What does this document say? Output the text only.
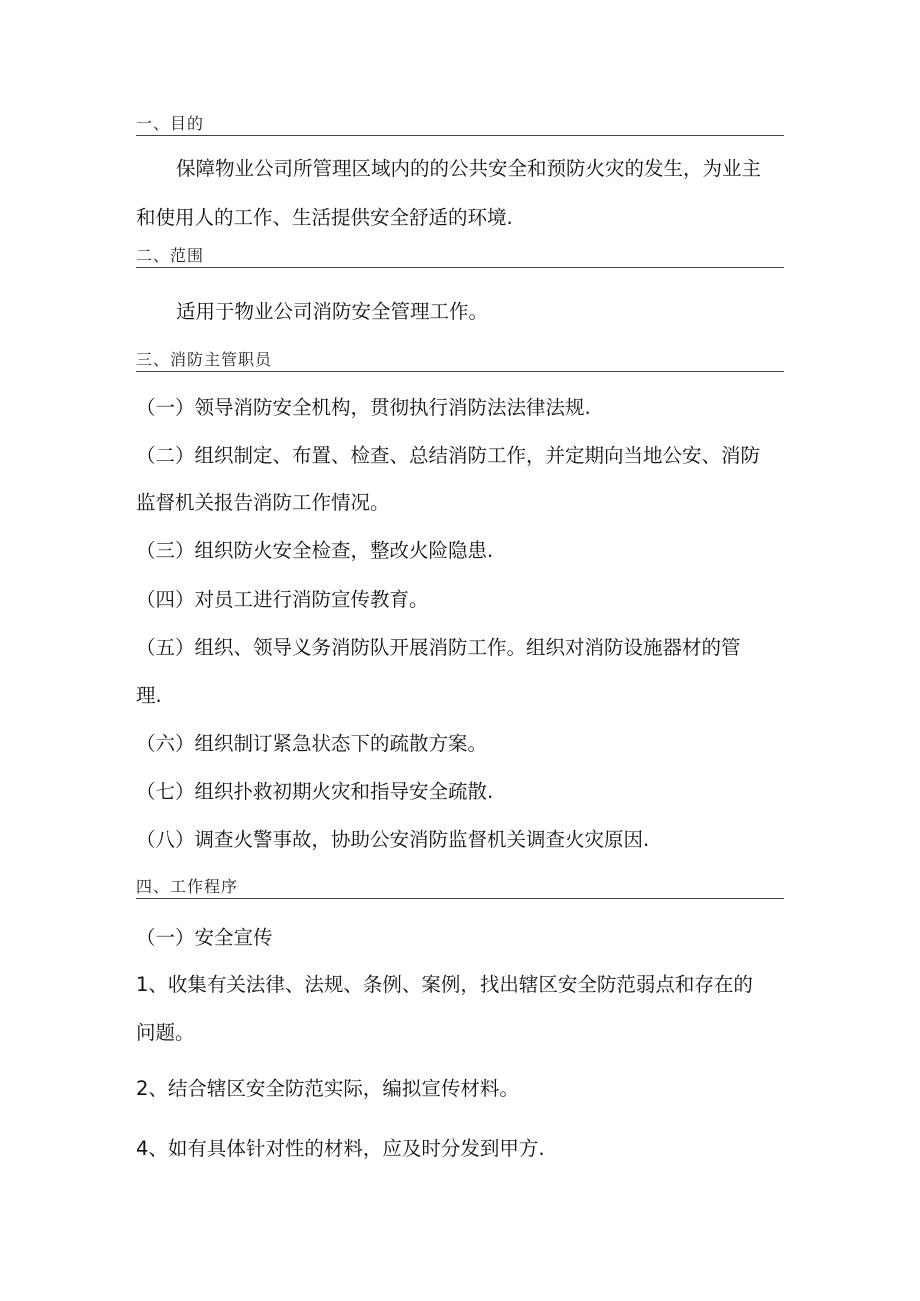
一、目的
保障物业公司所管理区域内的的公共安全和预防火灾的发生，为业主
和使用人的工作、生活提供安全舒适的环境.
二、范围
适用于物业公司消防安全管理工作。
三、消防主管职员
（一）领导消防安全机构，贯彻执行消防法法律法规.
（二）组织制定、布置、检查、总结消防工作，并定期向当地公安、消防
监督机关报告消防工作情况。
（三）组织防火安全检查，整改火险隐患.
（四）对员工进行消防宣传教育。
（五）组织、领导义务消防队开展消防工作。组织对消防设施器材的管
理.
（六）组织制订紧急状态下的疏散方案。
（七）组织扑救初期火灾和指导安全疏散.
（八）调查火警事故，协助公安消防监督机关调查火灾原因.
四、工作程序
（一）安全宣传
1、收集有关法律、法规、条例、案例，找出辖区安全防范弱点和存在的
问题。
2、结合辖区安全防范实际，编拟宣传材料。
4、如有具体针对性的材料，应及时分发到甲方.
